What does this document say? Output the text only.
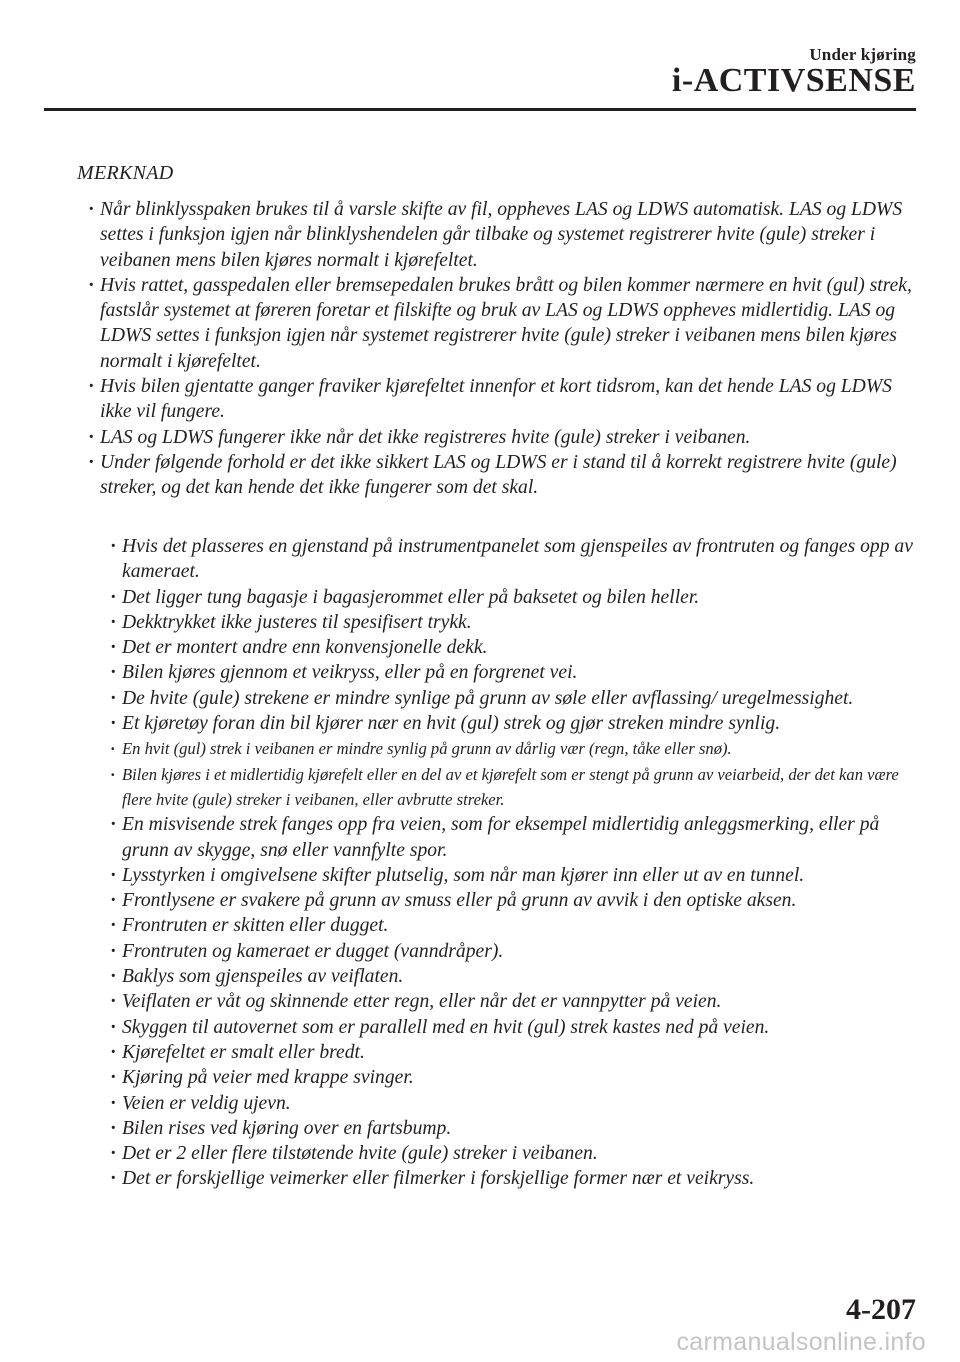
Under kjøring
i-ACTIVSENSE
MERKNAD
· Når blinklysspaken brukes til å varsle skifte av fil, oppheves LAS og LDWS automatisk. LAS og LDWS settes i funksjon igjen når blinklyshendelen går tilbake og systemet registrerer hvite (gule) streker i veibanen mens bilen kjøres normalt i kjørefeltet.
· Hvis rattet, gasspedalen eller bremsepedalen brukes brått og bilen kommer nærmere en hvit (gul) strek, fastslår systemet at føreren foretar et filskifte og bruk av LAS og LDWS oppheves midlertidig. LAS og LDWS settes i funksjon igjen når systemet registrerer hvite (gule) streker i veibanen mens bilen kjøres normalt i kjørefeltet.
· Hvis bilen gjentatte ganger fraviker kjørefeltet innenfor et kort tidsrom, kan det hende LAS og LDWS ikke vil fungere.
· LAS og LDWS fungerer ikke når det ikke registreres hvite (gule) streker i veibanen.
· Under følgende forhold er det ikke sikkert LAS og LDWS er i stand til å korrekt registrere hvite (gule) streker, og det kan hende det ikke fungerer som det skal.
· Hvis det plasseres en gjenstand på instrumentpanelet som gjenspeiles av frontruten og fanges opp av kameraet.
· Det ligger tung bagasje i bagasjerommet eller på baksetet og bilen heller.
· Dekktrykket ikke justeres til spesifisert trykk.
· Det er montert andre enn konvensjonelle dekk.
· Bilen kjøres gjennom et veikryss, eller på en forgrenet vei.
· De hvite (gule) strekene er mindre synlige på grunn av søle eller avflassing/ uregelmessighet.
· Et kjøretøy foran din bil kjører nær en hvit (gul) strek og gjør streken mindre synlig.
· En hvit (gul) strek i veibanen er mindre synlig på grunn av dårlig vær (regn, tåke eller snø).
· Bilen kjøres i et midlertidig kjørefelt eller en del av et kjørefelt som er stengt på grunn av veiarbeid, der det kan være flere hvite (gule) streker i veibanen, eller avbrutte streker.
· En misvisende strek fanges opp fra veien, som for eksempel midlertidig anleggsmerking, eller på grunn av skygge, snø eller vannfylte spor.
· Lysstyrken i omgivelsene skifter plutselig, som når man kjører inn eller ut av en tunnel.
· Frontlysene er svakere på grunn av smuss eller på grunn av avvik i den optiske aksen.
· Frontruten er skitten eller dugget.
· Frontruten og kameraet er dugget (vanndråper).
· Baklys som gjenspeiles av veiflaten.
· Veiflaten er våt og skinnende etter regn, eller når det er vannpytter på veien.
· Skyggen til autovernet som er parallell med en hvit (gul) strek kastes ned på veien.
· Kjørefeltet er smalt eller bredt.
· Kjøring på veier med krappe svinger.
· Veien er veldig ujevn.
· Bilen rises ved kjøring over en fartsbump.
· Det er 2 eller flere tilstøtende hvite (gule) streker i veibanen.
· Det er forskjellige veimerker eller filmerker i forskjellige former nær et veikryss.
4-207
carmanualsonline.info
